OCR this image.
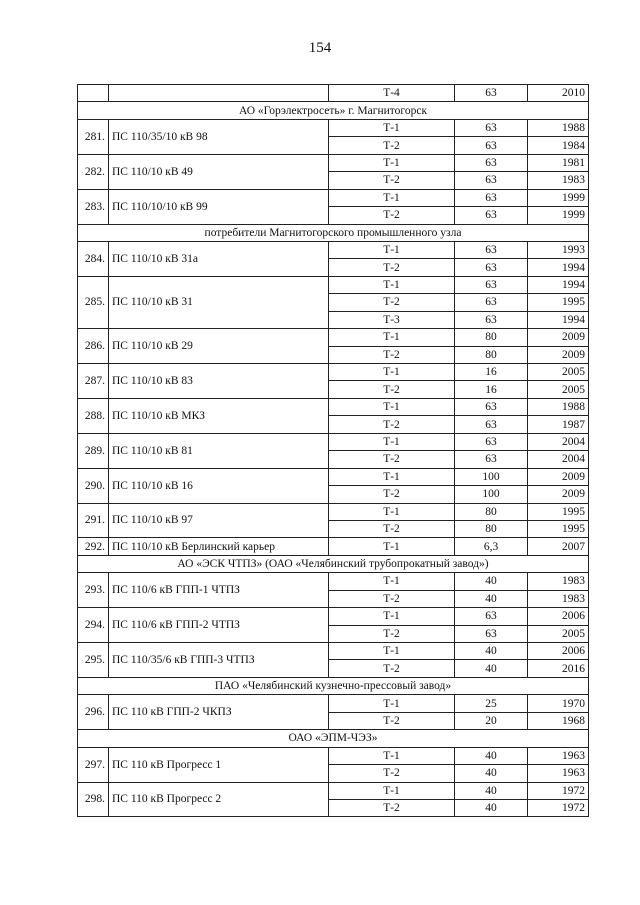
154
		Т-4	63	2010
АО «Горэлектросеть» г. Магнитогорск				
281.	ПС 110/35/10 кВ 98	Т-1	63	1988
		Т-2	63	1984
282.	ПС 110/10 кВ 49	Т-1	63	1981
		Т-2	63	1983
283.	ПС 110/10/10 кВ 99	Т-1	63	1999
		Т-2	63	1999
потребители Магнитогорского промышленного узла				
284.	ПС 110/10 кВ 31а	Т-1	63	1993
		Т-2	63	1994
285.	ПС 110/10 кВ 31	Т-1	63	1994
		Т-2	63	1995
		Т-3	63	1994
286.	ПС 110/10 кВ 29	Т-1	80	2009
		Т-2	80	2009
287.	ПС 110/10 кВ 83	Т-1	16	2005
		Т-2	16	2005
288.	ПС 110/10 кВ МКЗ	Т-1	63	1988
		Т-2	63	1987
289.	ПС 110/10 кВ 81	Т-1	63	2004
		Т-2	63	2004
290.	ПС 110/10 кВ 16	Т-1	100	2009
		Т-2	100	2009
291.	ПС 110/10 кВ 97	Т-1	80	1995
		Т-2	80	1995
292.	ПС 110/10 кВ Берлинский карьер	Т-1	6,3	2007
АО «ЭСК ЧТПЗ» (ОАО «Челябинский трубопрокатный завод»)				
293.	ПС 110/6 кВ ГПП-1 ЧТПЗ	Т-1	40	1983
		Т-2	40	1983
294.	ПС 110/6 кВ ГПП-2 ЧТПЗ	Т-1	63	2006
		Т-2	63	2005
295.	ПС 110/35/6 кВ ГПП-3 ЧТПЗ	Т-1	40	2006
		Т-2	40	2016
ПАО «Челябинский кузнечно-прессовый завод»				
296.	ПС 110 кВ ГПП-2 ЧКПЗ	Т-1	25	1970
		Т-2	20	1968
ОАО «ЭПМ-ЧЭЗ»				
297.	ПС 110 кВ Прогресс 1	Т-1	40	1963
		Т-2	40	1963
298.	ПС 110 кВ Прогресс 2	Т-1	40	1972
		Т-2	40	1972
